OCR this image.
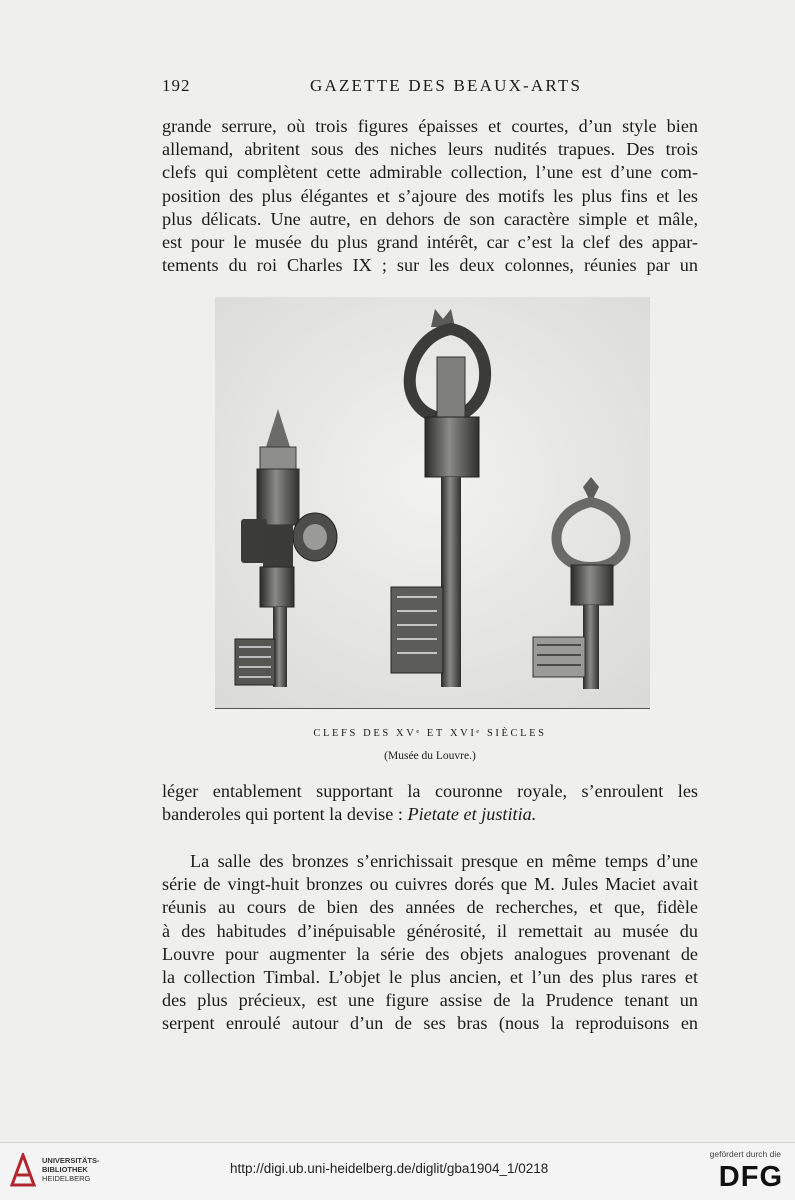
192	GAZETTE DES BEAUX-ARTS
grande serrure, où trois figures épaisses et courtes, d’un style bien
allemand, abritent sous des niches leurs nudités trapues. Des trois
clefs qui complètent cette admirable collection, l’une est d’une com-
position des plus élégantes et s’ajoure des motifs les plus fins et les
plus délicats. Une autre, en dehors de son caractère simple et mâle,
est pour le musée du plus grand intérêt, car c’est la clef des appar-
tements du roi Charles IX ; sur les deux colonnes, réunies par un
CLEFS DES XVᵉ ET XVIᵉ SIÈCLES
(Musée du Louvre.)
léger entablement supportant la couronne royale, s’enroulent les
banderoles qui portent la devise : Pietate et justitia.
La salle des bronzes s’enrichissait presque en même temps d’une
série de vingt-huit bronzes ou cuivres dorés que M. Jules Maciet avait
réunis au cours de bien des années de recherches, et que, fidèle
à des habitudes d’inépuisable générosité, il remettait au musée du
Louvre pour augmenter la série des objets analogues provenant de
la collection Timbal. L’objet le plus ancien, et l’un des plus rares et
des plus précieux, est une figure assise de la Prudence tenant un
serpent enroulé autour d’un de ses bras (nous la reproduisons en
UNIVERSITÄTS-
BIBLIOTHEK
HEIDELBERG
http://digi.ub.uni-heidelberg.de/diglit/gba1904_1/0218
gefördert durch die
DFG
